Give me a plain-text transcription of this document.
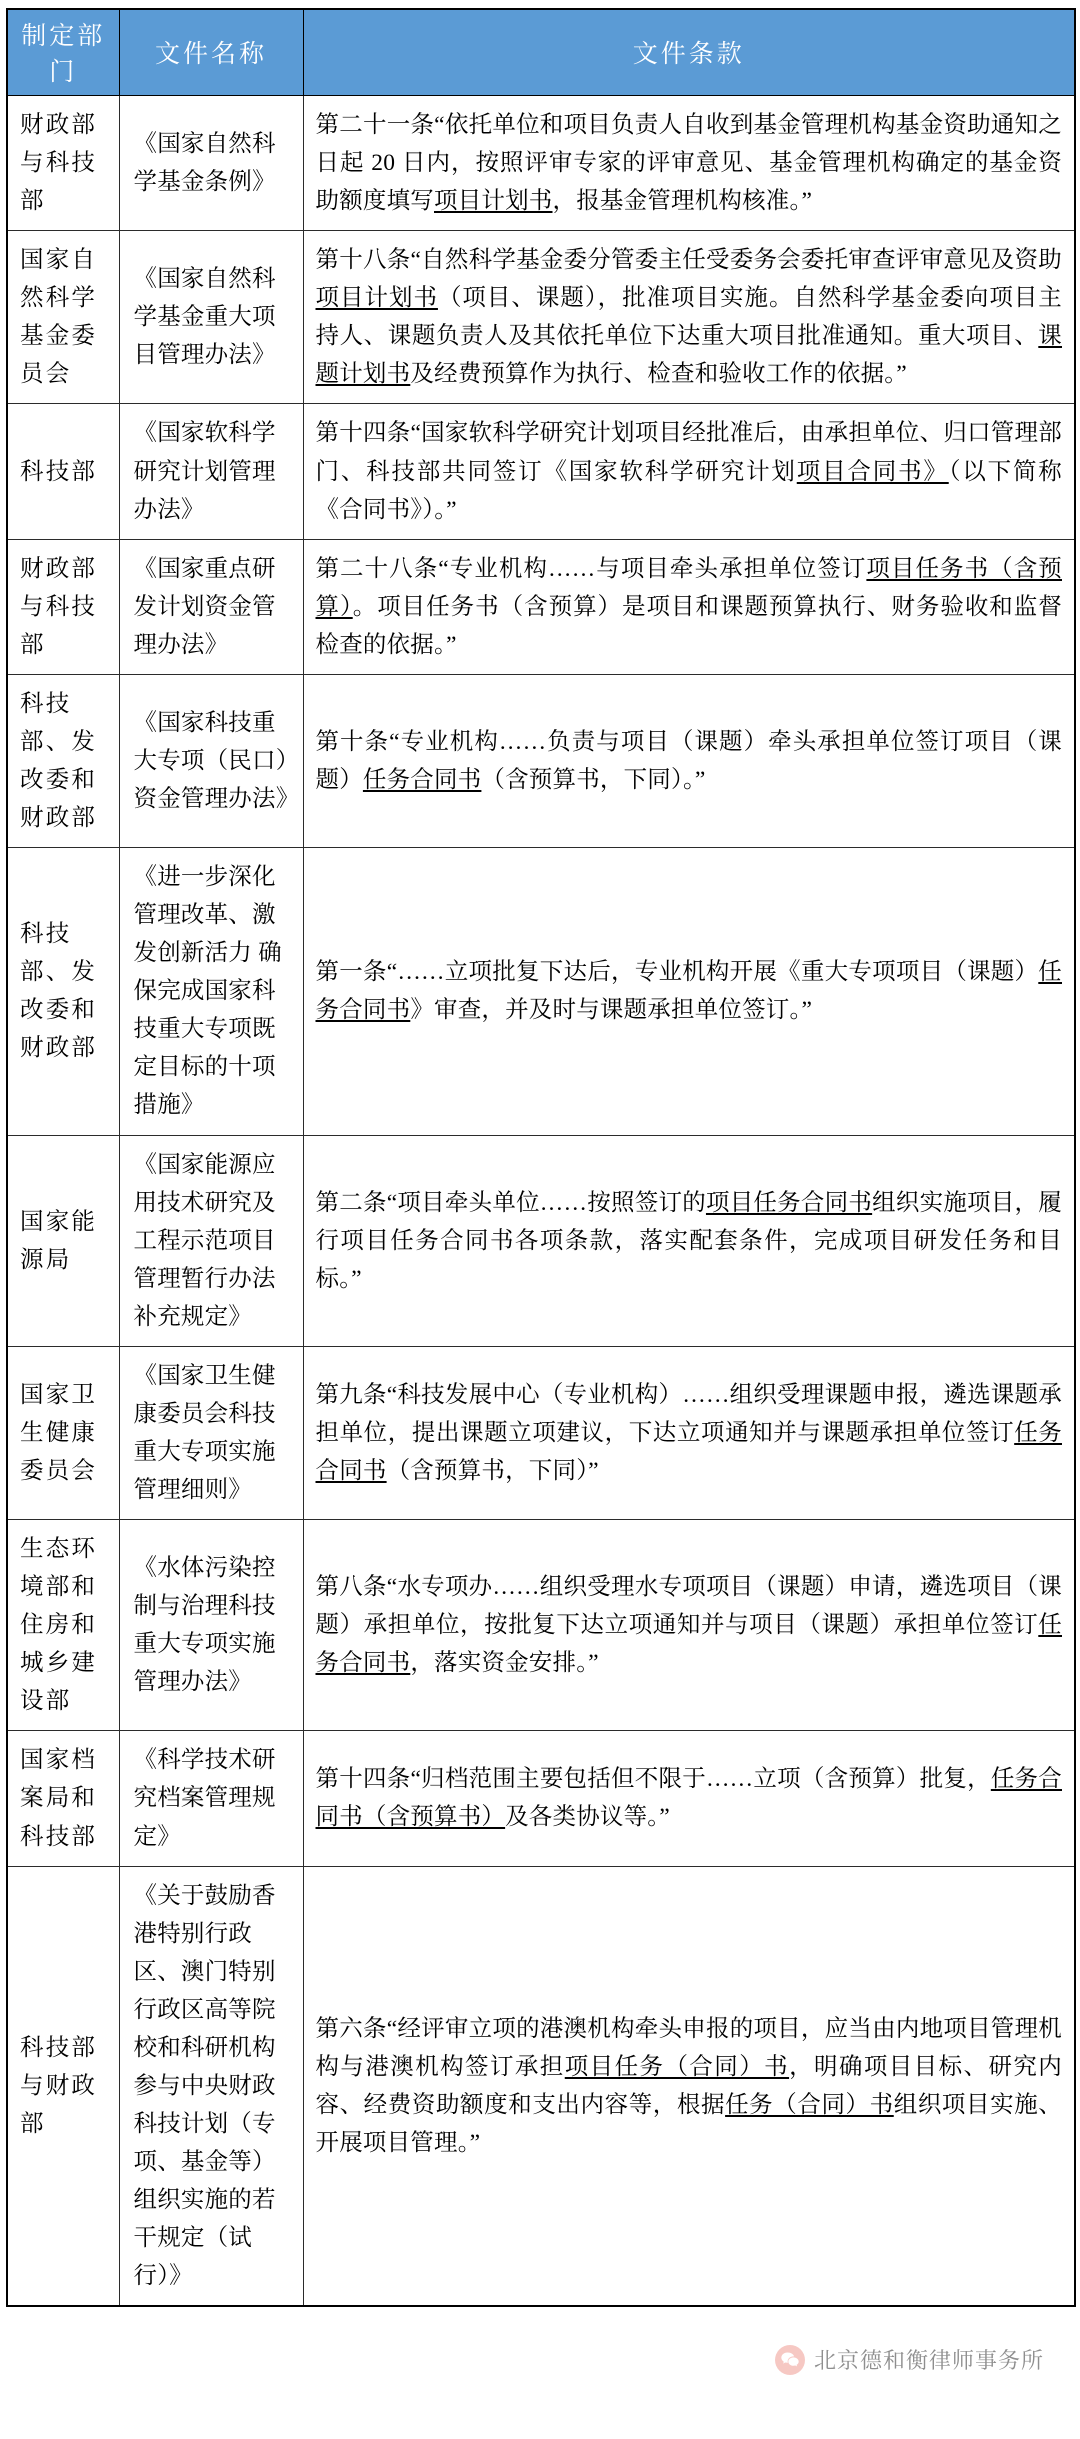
制定部门	文件名称	文件条款
财政部与科技部	《国家自然科学基金条例》	第二十一条“依托单位和项目负责人自收到基金管理机构基金资助通知之日起 20 日内，按照评审专家的评审意见、基金管理机构确定的基金资助额度填写项目计划书，报基金管理机构核准。”
国家自然科学基金委员会	《国家自然科学基金重大项目管理办法》	第十八条“自然科学基金委分管委主任受委务会委托审查评审意见及资助项目计划书（项目、课题），批准项目实施。自然科学基金委向项目主持人、课题负责人及其依托单位下达重大项目批准通知。重大项目、课题计划书及经费预算作为执行、检查和验收工作的依据。”
科技部	《国家软科学研究计划管理办法》	第十四条“国家软科学研究计划项目经批准后，由承担单位、归口管理部门、科技部共同签订《国家软科学研究计划项目合同书》（以下简称《合同书》）。”
财政部与科技部	《国家重点研发计划资金管理办法》	第二十八条“专业机构……与项目牵头承担单位签订项目任务书（含预算）。项目任务书（含预算）是项目和课题预算执行、财务验收和监督检查的依据。”
科技部、发改委和财政部	《国家科技重大专项（民口）资金管理办法》	第十条“专业机构……负责与项目（课题）牵头承担单位签订项目（课题）任务合同书（含预算书，下同）。”
科技部、发改委和财政部	《进一步深化管理改革、激发创新活力 确保完成国家科技重大专项既定目标的十项措施》	第一条“……立项批复下达后，专业机构开展《重大专项项目（课题）任务合同书》审查，并及时与课题承担单位签订。”
国家能源局	《国家能源应用技术研究及工程示范项目管理暂行办法补充规定》	第二条“项目牵头单位……按照签订的项目任务合同书组织实施项目，履行项目任务合同书各项条款，落实配套条件，完成项目研发任务和目标。”
国家卫生健康委员会	《国家卫生健康委员会科技重大专项实施管理细则》	第九条“科技发展中心（专业机构）……组织受理课题申报，遴选课题承担单位，提出课题立项建议，下达立项通知并与课题承担单位签订任务合同书（含预算书，下同）”
生态环境部和住房和城乡建设部	《水体污染控制与治理科技重大专项实施管理办法》	第八条“水专项办……组织受理水专项项目（课题）申请，遴选项目（课题）承担单位，按批复下达立项通知并与项目（课题）承担单位签订任务合同书，落实资金安排。”
国家档案局和科技部	《科学技术研究档案管理规定》	第十四条“归档范围主要包括但不限于……立项（含预算）批复，任务合同书（含预算书）及各类协议等。”
科技部与财政部	《关于鼓励香港特别行政区、澳门特别行政区高等院校和科研机构参与中央财政科技计划（专项、基金等）组织实施的若干规定（试行）》	第六条“经评审立项的港澳机构牵头申报的项目，应当由内地项目管理机构与港澳机构签订承担项目任务（合同）书，明确项目目标、研究内容、经费资助额度和支出内容等，根据任务（合同）书组织项目实施、开展项目管理。”
北京德和衡律师事务所
